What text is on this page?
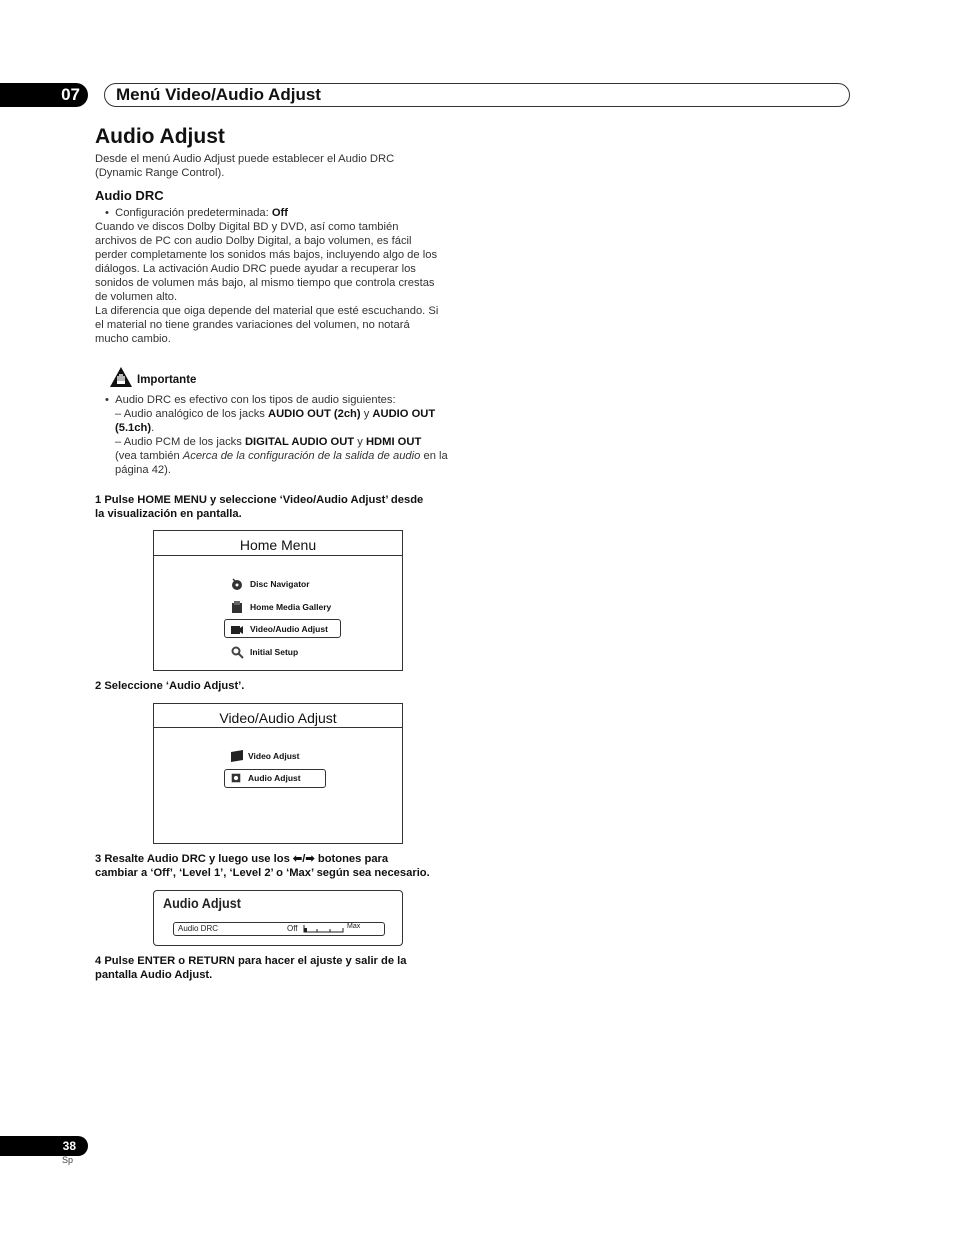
07	Menú Video/Audio Adjust
Audio Adjust
Desde el menú Audio Adjust puede establecer el Audio DRC
(Dynamic Range Control).
Audio DRC
•  Configuración predeterminada: Off
Cuando ve discos Dolby Digital BD y DVD, así como también
archivos de PC con audio Dolby Digital, a bajo volumen, es fácil
perder completamente los sonidos más bajos, incluyendo algo de los
diálogos. La activación Audio DRC puede ayudar a recuperar los
sonidos de volumen más bajo, al mismo tiempo que controla crestas
de volumen alto.
La diferencia que oiga depende del material que esté escuchando. Si
el material no tiene grandes variaciones del volumen, no notará
mucho cambio.
Importante
•  Audio DRC es efectivo con los tipos de audio siguientes:
– Audio analógico de los jacks AUDIO OUT (2ch) y AUDIO OUT
(5.1ch).
– Audio PCM de los jacks DIGITAL AUDIO OUT y HDMI OUT
(vea también Acerca de la configuración de la salida de audio en la
página 42).
1 Pulse HOME MENU y seleccione ‘Video/Audio Adjust’ desde
la visualización en pantalla.
Home Menu
Disc Navigator
Home Media Gallery
Video/Audio Adjust
Initial Setup
2 Seleccione ‘Audio Adjust’.
Video/Audio Adjust
Video Adjust
Audio Adjust
3 Resalte Audio DRC y luego use los ⬅/➡ botones para
cambiar a ‘Off’, ‘Level 1’, ‘Level 2’ o ‘Max’ según sea necesario.
Audio Adjust
Audio DRC	Off	Max
4 Pulse ENTER o RETURN para hacer el ajuste y salir de la
pantalla Audio Adjust.
38
Sp
